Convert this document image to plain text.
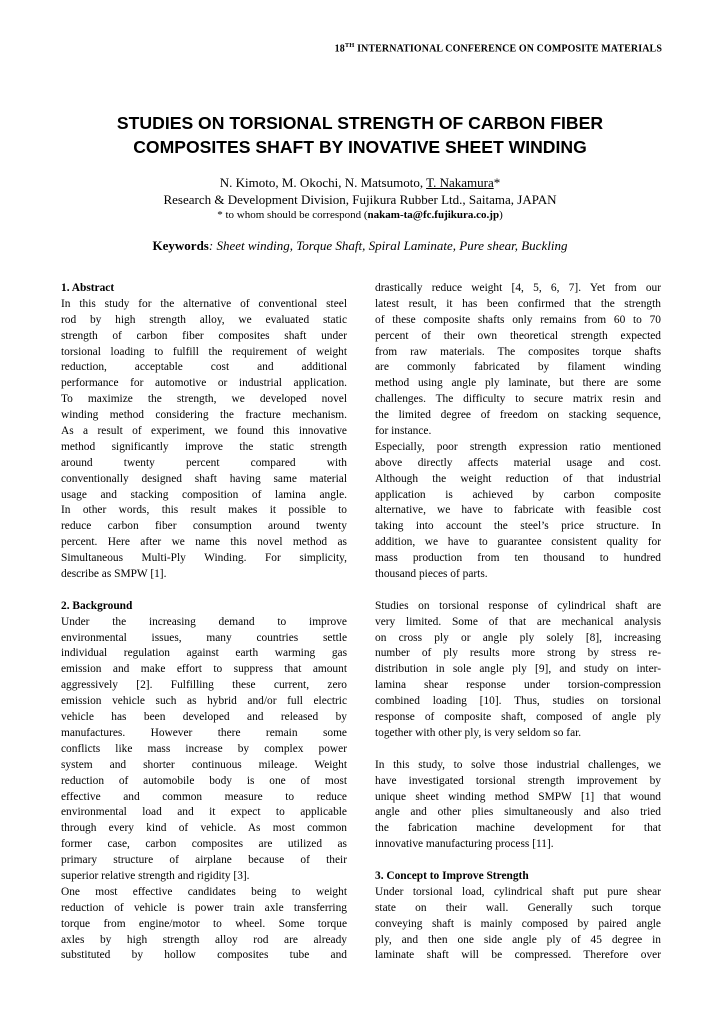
18TH INTERNATIONAL CONFERENCE ON COMPOSITE MATERIALS
STUDIES ON TORSIONAL STRENGTH OF CARBON FIBER
COMPOSITES SHAFT BY INOVATIVE SHEET WINDING
N. Kimoto, M. Okochi, N. Matsumoto, T. Nakamura*
Research & Development Division, Fujikura Rubber Ltd., Saitama, JAPAN
* to whom should be correspond (nakam-ta@fc.fujikura.co.jp)
Keywords: Sheet winding, Torque Shaft, Spiral Laminate, Pure shear, Buckling
1. Abstract
In this study for the alternative of conventional steel
rod by high strength alloy, we evaluated static
strength of carbon fiber composites shaft under
torsional loading to fulfill the requirement of weight
reduction, acceptable cost and additional
performance for automotive or industrial application.
To maximize the strength, we developed novel
winding method considering the fracture mechanism.
As a result of experiment, we found this innovative
method significantly improve the static strength
around twenty percent compared with
conventionally designed shaft having same material
usage and stacking composition of lamina angle.
In other words, this result makes it possible to
reduce carbon fiber consumption around twenty
percent. Here after we name this novel method as
Simultaneous Multi-Ply Winding. For simplicity,
describe as SMPW [1].
2. Background
Under the increasing demand to improve
environmental issues, many countries settle
individual regulation against earth warming gas
emission and make effort to suppress that amount
aggressively [2]. Fulfilling these current, zero
emission vehicle such as hybrid and/or full electric
vehicle has been developed and released by
manufactures. However there remain some
conflicts like mass increase by complex power
system and shorter continuous mileage. Weight
reduction of automobile body is one of most
effective and common measure to reduce
environmental load and it expect to applicable
through every kind of vehicle. As most common
former case, carbon composites are utilized as
primary structure of airplane because of their
superior relative strength and rigidity [3].
One most effective candidates being to weight
reduction of vehicle is power train axle transferring
torque from engine/motor to wheel. Some torque
axles by high strength alloy rod are already
substituted by hollow composites tube and
drastically reduce weight [4, 5, 6, 7]. Yet from our
latest result, it has been confirmed that the strength
of these composite shafts only remains from 60 to 70
percent of their own theoretical strength expected
from raw materials. The composites torque shafts
are commonly fabricated by filament winding
method using angle ply laminate, but there are some
challenges. The difficulty to secure matrix resin and
the limited degree of freedom on stacking sequence,
for instance.
Especially, poor strength expression ratio mentioned
above directly affects material usage and cost.
Although the weight reduction of that industrial
application is achieved by carbon composite
alternative, we have to fabricate with feasible cost
taking into account the steel’s price structure. In
addition, we have to guarantee consistent quality for
mass production from ten thousand to hundred
thousand pieces of parts.
Studies on torsional response of cylindrical shaft are
very limited. Some of that are mechanical analysis
on cross ply or angle ply solely [8], increasing
number of ply results more strong by stress re-
distribution in sole angle ply [9], and study on inter-
lamina shear response under torsion-compression
combined loading [10]. Thus, studies on torsional
response of composite shaft, composed of angle ply
together with other ply, is very seldom so far.
In this study, to solve those industrial challenges, we
have investigated torsional strength improvement by
unique sheet winding method SMPW [1] that wound
angle and other plies simultaneously and also tried
the fabrication machine development for that
innovative manufacturing process [11].
3. Concept to Improve Strength
Under torsional load, cylindrical shaft put pure shear
state on their wall. Generally such torque
conveying shaft is mainly composed by paired angle
ply, and then one side angle ply of 45 degree in
laminate shaft will be compressed. Therefore over
